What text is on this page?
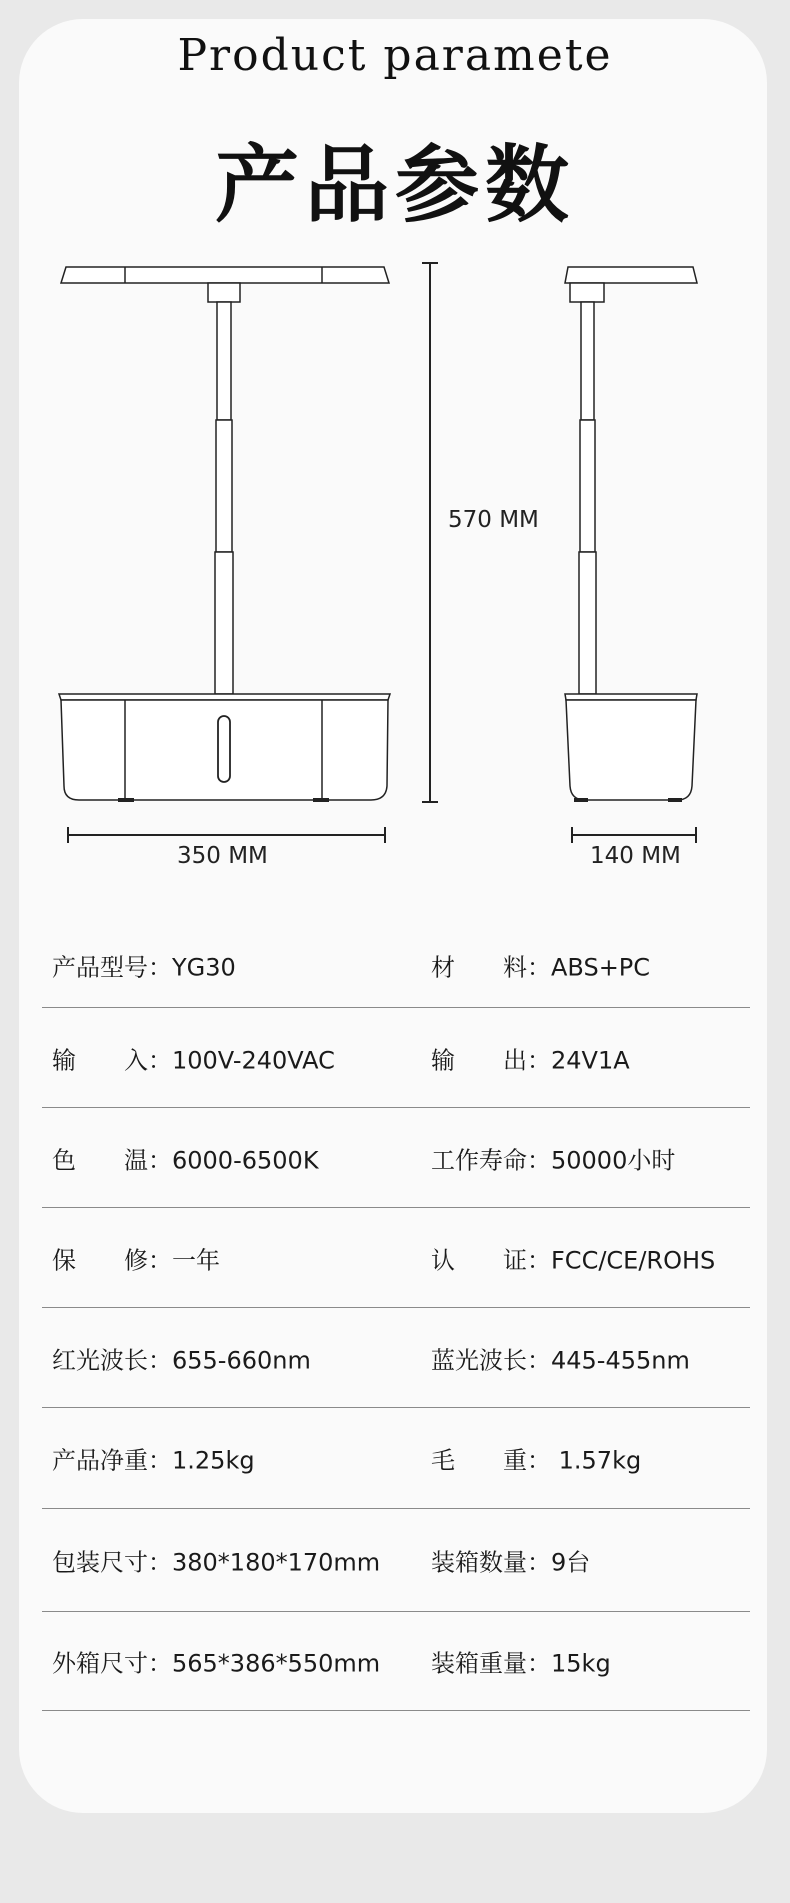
Product paramete
产品参数
570 MM
350 MM	140 MM
产品型号：YG30	材　　料：ABS+PC
输　　入：100V-240VAC	输　　出：24V1A
色　　温：6000-6500K	工作寿命：50000小时
保　　修：一年	认　　证：FCC/CE/ROHS
红光波长：655-660nm	蓝光波长：445-455nm
产品净重：1.25kg	毛　　重： 1.57kg
包装尺寸：380*180*170mm 装箱数量：9台
外箱尺寸：565*386*550mm 装箱重量：15kg
